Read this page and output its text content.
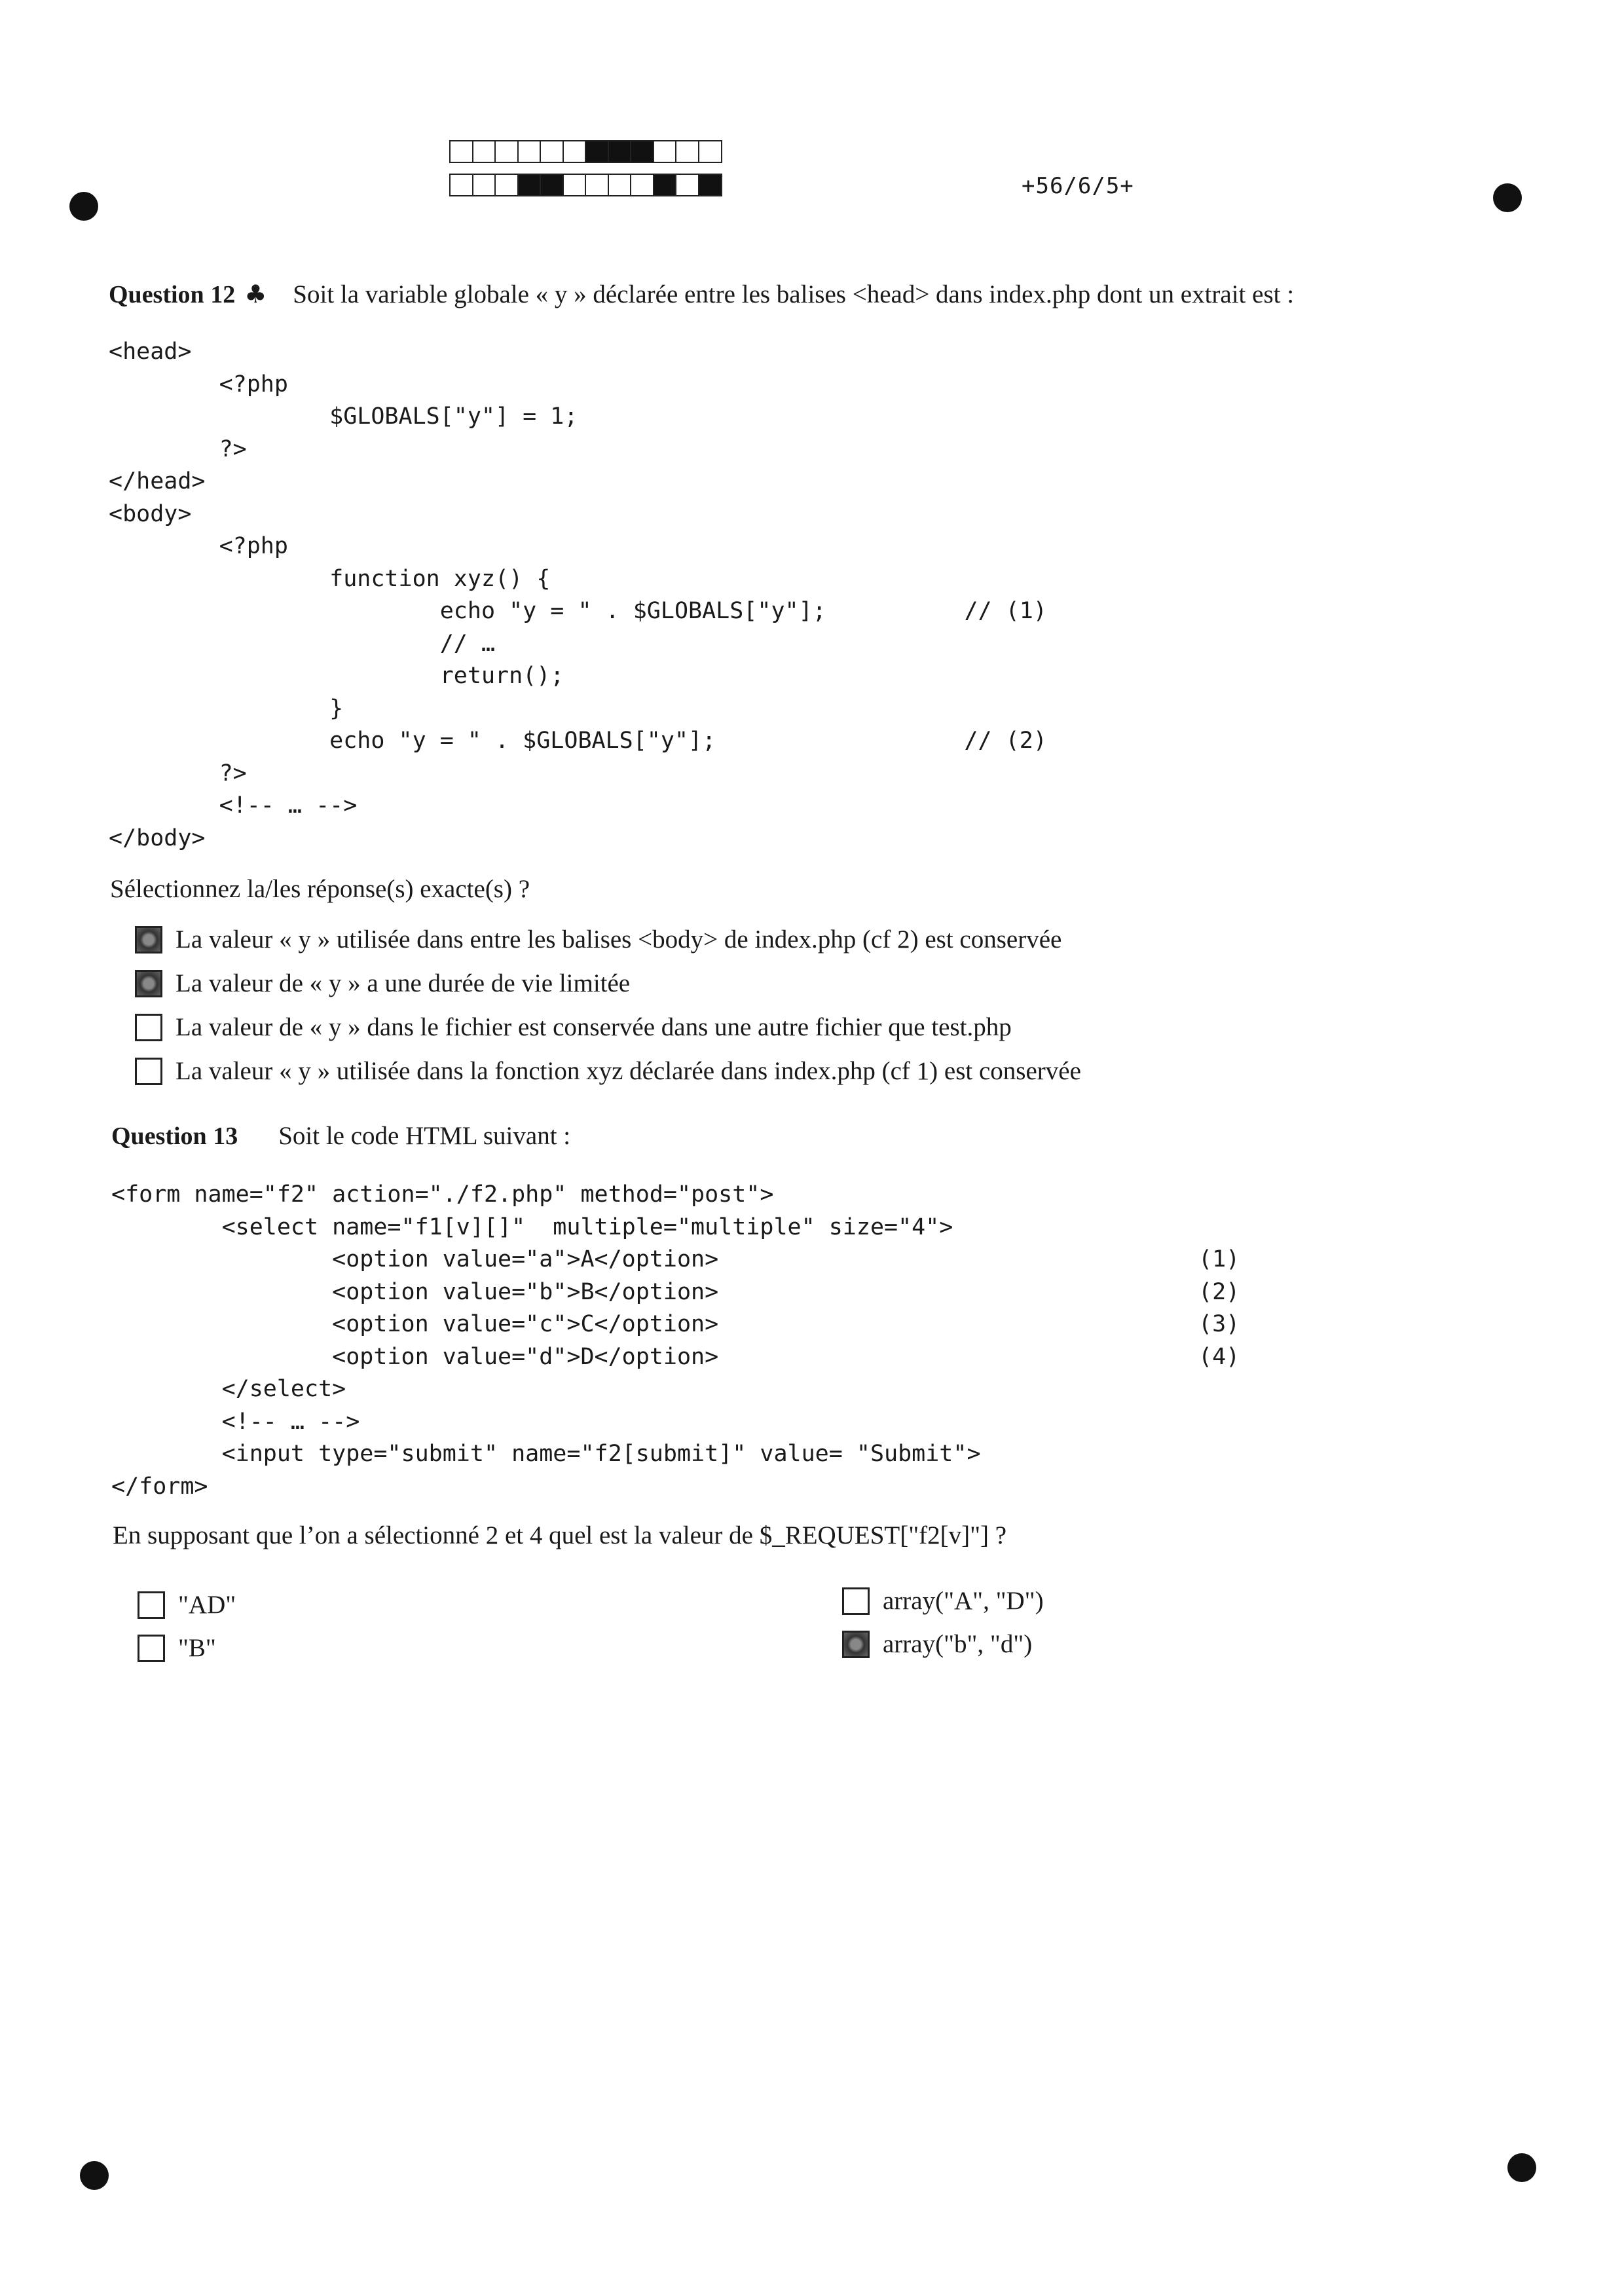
+56/6/5+
Question 12 ♣ Soit la variable globale « y » déclarée entre les balises <head> dans index.php dont un extrait est :
<head>
<?php
$GLOBALS["y"] = 1;
?>
</head>
<body>
<?php
function xyz() {
echo "y = " . $GLOBALS["y"];          // (1)
// …
return();
}
echo "y = " . $GLOBALS["y"];                  // (2)
?>
<!-- … -->
</body>
Sélectionnez la/les réponse(s) exacte(s) ?
La valeur « y » utilisée dans entre les balises <body> de index.php (cf 2) est conservée
La valeur de « y » a une durée de vie limitée
La valeur de « y » dans le fichier est conservée dans une autre fichier que test.php
La valeur « y » utilisée dans la fonction xyz déclarée dans index.php (cf 1) est conservée
Question 13 Soit le code HTML suivant :
<form name="f2" action="./f2.php" method="post">
<select name="f1[v][]"  multiple="multiple" size="4">
<option value="a">A</option>
<option value="b">B</option>
<option value="c">C</option>
<option value="d">D</option>
</select>
<!-- … -->
<input type="submit" name="f2[submit]" value= "Submit">
</form>
(1)
(2)
(3)
(4)
En supposant que l’on a sélectionné 2 et 4 quel est la valeur de $_REQUEST["f2[v]"] ?
"AD"
"B"
array("A", "D")
array("b", "d")
